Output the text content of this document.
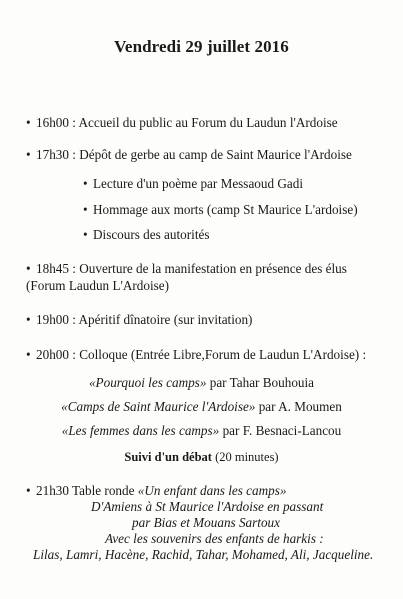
Vendredi 29 juillet 2016
• 16h00 : Accueil du public au Forum du Laudun l'Ardoise
• 17h30 : Dépôt de gerbe au camp de Saint Maurice l'Ardoise
• Lecture d'un poème par Messaoud Gadi
• Hommage aux morts (camp St Maurice L'ardoise)
• Discours des autorités
• 18h45 : Ouverture de la manifestation en présence des élus
(Forum Laudun L'Ardoise)
• 19h00 : Apéritif dînatoire (sur invitation)
• 20h00 : Colloque (Entrée Libre,Forum de Laudun L'Ardoise) :
«Pourquoi les camps» par Tahar Bouhouia
«Camps de Saint Maurice l'Ardoise» par A. Moumen
«Les femmes dans les camps» par F. Besnaci-Lancou
Suivi d'un débat (20 minutes)
• 21h30 Table ronde «Un enfant dans les camps»
D'Amiens à St Maurice l'Ardoise en passant
par Bias et Mouans Sartoux
Avec les souvenirs des enfants de harkis :
Lilas, Lamri, Hacène, Rachid, Tahar, Mohamed, Ali, Jacqueline.
